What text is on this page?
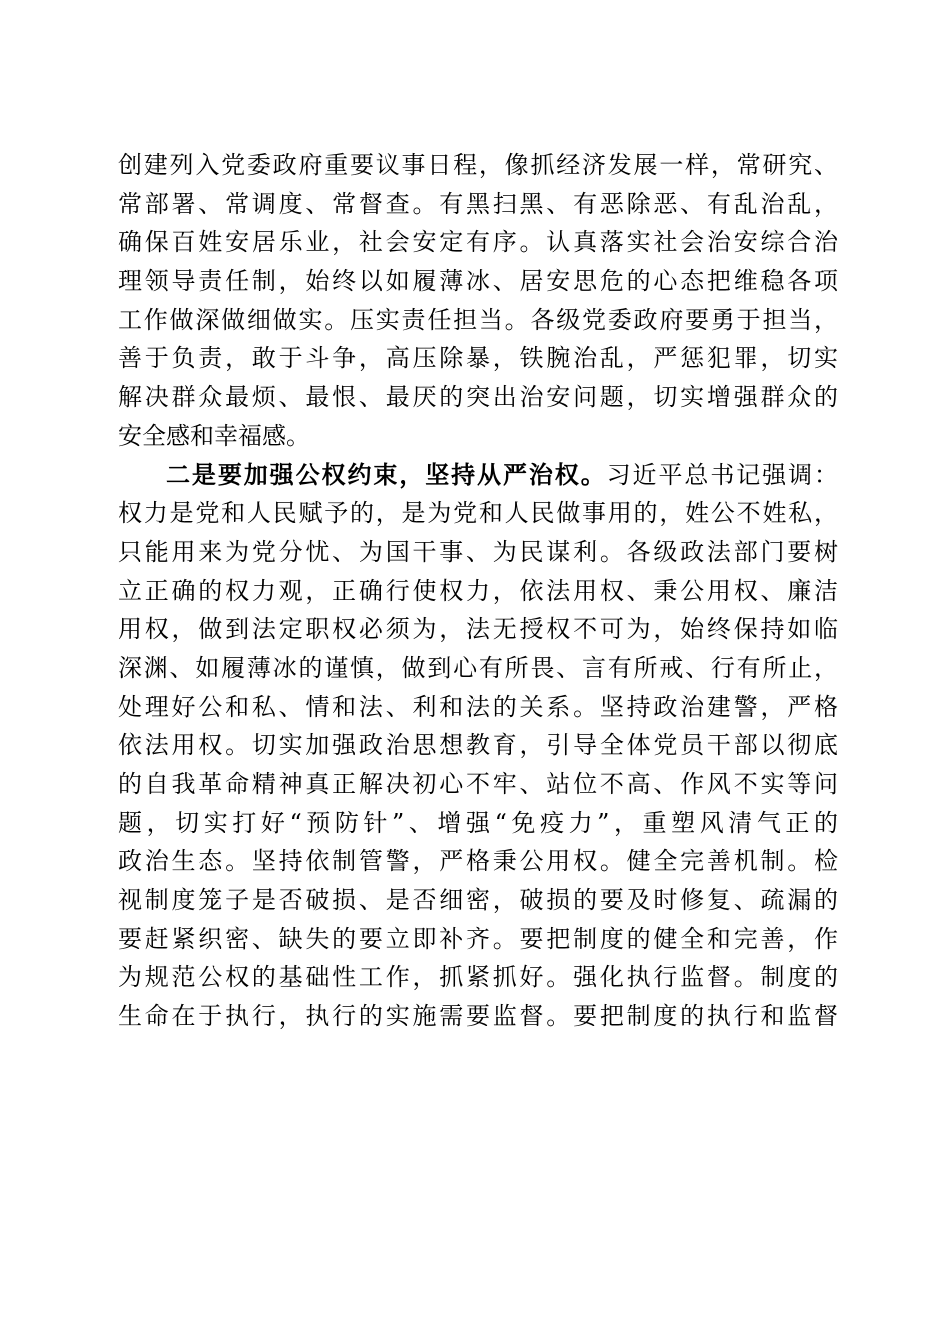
创建列入党委政府重要议事日程，像抓经济发展一样，常研究、
常部署、常调度、常督查。有黑扫黑、有恶除恶、有乱治乱，
确保百姓安居乐业，社会安定有序。认真落实社会治安综合治
理领导责任制，始终以如履薄冰、居安思危的心态把维稳各项
工作做深做细做实。压实责任担当。各级党委政府要勇于担当，
善于负责，敢于斗争，高压除暴，铁腕治乱，严惩犯罪，切实
解决群众最烦、最恨、最厌的突出治安问题，切实增强群众的
安全感和幸福感。
二是要加强公权约束，坚持从严治权。习近平总书记强调：
权力是党和人民赋予的，是为党和人民做事用的，姓公不姓私，
只能用来为党分忧、为国干事、为民谋利。各级政法部门要树
立正确的权力观，正确行使权力，依法用权、秉公用权、廉洁
用权，做到法定职权必须为，法无授权不可为，始终保持如临
深渊、如履薄冰的谨慎，做到心有所畏、言有所戒、行有所止，
处理好公和私、情和法、利和法的关系。坚持政治建警，严格
依法用权。切实加强政治思想教育，引导全体党员干部以彻底
的自我革命精神真正解决初心不牢、站位不高、作风不实等问
题，切实打好“预防针”、增强“免疫力”，重塑风清气正的
政治生态。坚持依制管警，严格秉公用权。健全完善机制。检
视制度笼子是否破损、是否细密，破损的要及时修复、疏漏的
要赶紧织密、缺失的要立即补齐。要把制度的健全和完善，作
为规范公权的基础性工作，抓紧抓好。强化执行监督。制度的
生命在于执行，执行的实施需要监督。要把制度的执行和监督
